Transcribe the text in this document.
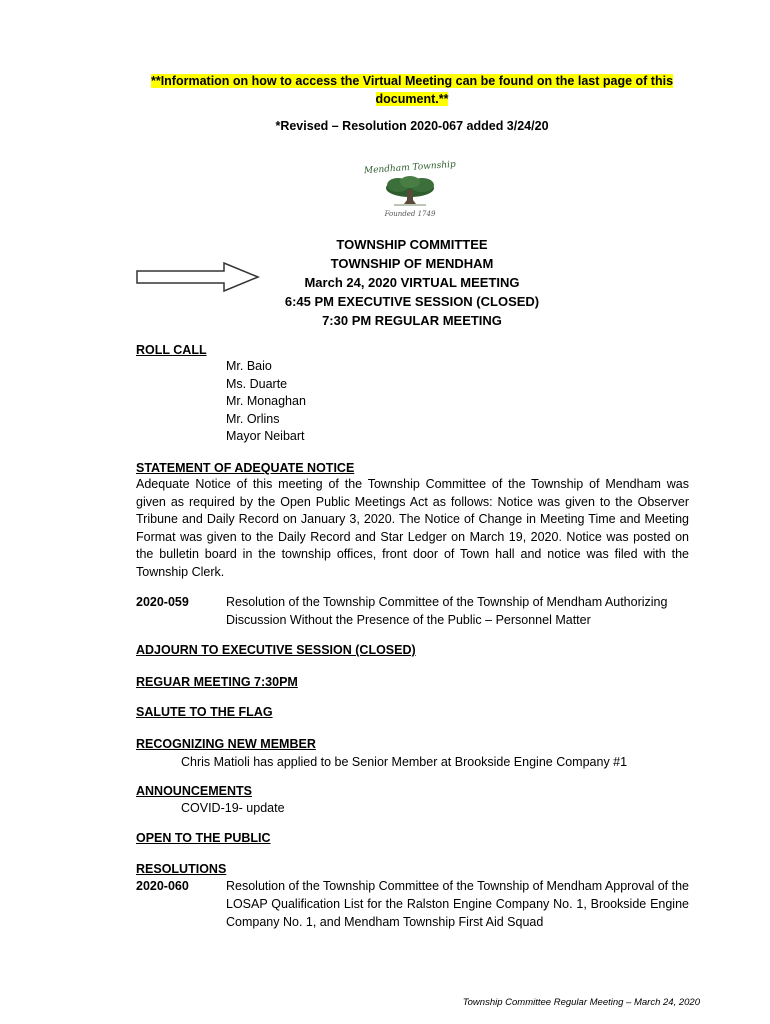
**Information on how to access the Virtual Meeting can be found on the last page of this
document.**
*Revised – Resolution 2020-067 added 3/24/20
Mendham Township
Founded 1749
TOWNSHIP COMMITTEE
TOWNSHIP OF MENDHAM
March 24, 2020 VIRTUAL MEETING
6:45 PM EXECUTIVE SESSION (CLOSED)
7:30 PM REGULAR MEETING
ROLL CALL
Mr. Baio
Ms. Duarte
Mr. Monaghan
Mr. Orlins
Mayor Neibart
STATEMENT OF ADEQUATE NOTICE
Adequate Notice of this meeting of the Township Committee of the Township of Mendham was given as required by the Open Public Meetings Act as follows: Notice was given to the Observer Tribune and Daily Record on January 3, 2020. The Notice of Change in Meeting Time and Meeting Format was given to the Daily Record and Star Ledger on March 19, 2020. Notice was posted on the bulletin board in the township offices, front door of Town hall and notice was filed with the Township Clerk.
2020-059	Resolution of the Township Committee of the Township of Mendham Authorizing Discussion Without the Presence of the Public – Personnel Matter
ADJOURN TO EXECUTIVE SESSION (CLOSED)
REGUAR MEETING 7:30PM
SALUTE TO THE FLAG
RECOGNIZING NEW MEMBER
Chris Matioli has applied to be Senior Member at Brookside Engine Company #1
ANNOUNCEMENTS
COVID-19- update
OPEN TO THE PUBLIC
RESOLUTIONS
2020-060	Resolution of the Township Committee of the Township of Mendham Approval of the LOSAP Qualification List for the Ralston Engine Company No. 1, Brookside Engine Company No. 1, and Mendham Township First Aid Squad
Township Committee Regular Meeting – March 24, 2020
